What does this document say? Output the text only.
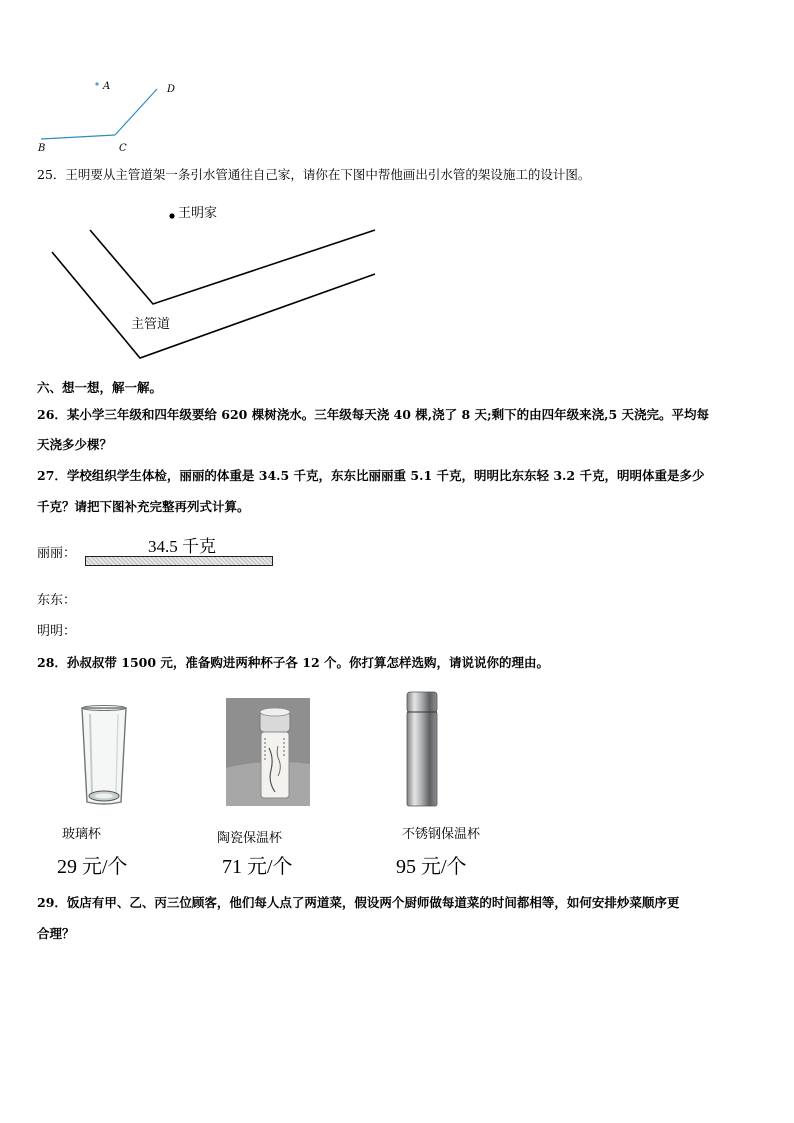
A
B	C
D
25．王明要从主管道架一条引水管通往自己家，请你在下图中帮他画出引水管的架设施工的设计图。
王明家
主管道
六、想一想，解一解。
26．某小学三年级和四年级要给 620 棵树浇水。三年级每天浇 40 棵,浇了 8 天;剩下的由四年级来浇,5 天浇完。平均每
天浇多少棵？
27．学校组织学生体检，丽丽的体重是 34.5 千克，东东比丽丽重 5.1 千克，明明比东东轻 3.2 千克，明明体重是多少
千克？请把下图补充完整再列式计算。
丽丽：	34.5 千克
东东：
明明：
28．孙叔叔带 1500 元，准备购进两种杯子各 12 个。你打算怎样选购，请说说你的理由。
玻璃杯	陶瓷保温杯	不锈钢保温杯
29 元/个	71 元/个	95 元/个
29．饭店有甲、乙、丙三位顾客，他们每人点了两道菜，假设两个厨师做每道菜的时间都相等，如何安排炒菜顺序更
合理？
